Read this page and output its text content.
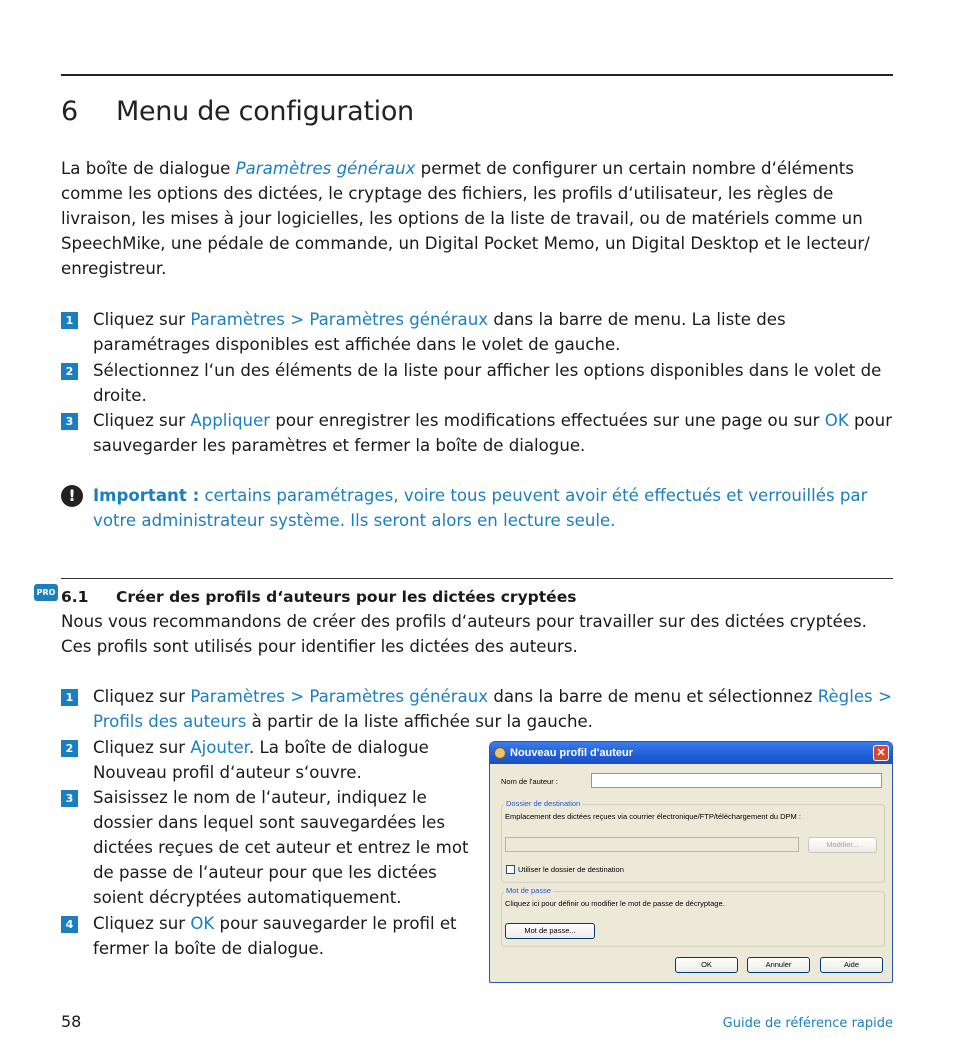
6 Menu de configuration

La boîte de dialogue Paramètres généraux permet de configurer un certain nombre d‘éléments comme les options des dictées, le cryptage des fichiers, les profils d‘utilisateur, les règles de livraison, les mises à jour logicielles, les options de la liste de travail, ou de matériels comme un SpeechMike, une pédale de commande, un Digital Pocket Memo, un Digital Desktop et le lecteur/ enregistreur.

1 Cliquez sur Paramètres > Paramètres généraux dans la barre de menu. La liste des paramétrages disponibles est affichée dans le volet de gauche.
2 Sélectionnez l‘un des éléments de la liste pour afficher les options disponibles dans le volet de droite.
3 Cliquez sur Appliquer pour enregistrer les modifications effectuées sur une page ou sur OK pour sauvegarder les paramètres et fermer la boîte de dialogue.
!	Important : certains paramétrages, voire tous peuvent avoir été effectués et verrouillés par votre administrateur système. Ils seront alors en lecture seule.
PRO 6.1 Créer des profils d‘auteurs pour les dictées cryptées

Nous vous recommandons de créer des profils d‘auteurs pour travailler sur des dictées cryptées. Ces profils sont utilisés pour identifier les dictées des auteurs.

1 Cliquez sur Paramètres > Paramètres généraux dans la barre de menu et sélectionnez Règles > Profils des auteurs à partir de la liste affichée sur la gauche.
2 Cliquez sur Ajouter. La boîte de dialogue Nouveau profil d‘auteur s‘ouvre.
3 Saisissez le nom de l‘auteur, indiquez le dossier dans lequel sont sauvegardées les dictées reçues de cet auteur et entrez le mot de passe de l‘auteur pour que les dictées soient décryptées automatiquement.
4 Cliquez sur OK pour sauvegarder le profil et fermer la boîte de dialogue.
Nouveau profil d'auteur	✕
Nom de l'auteur :
Dossier de destination
Emplacement des dictées reçues via courrier électronique/FTP/téléchargement du DPM :
Modifier...
Utiliser le dossier de destination
Mot de passe
Cliquez ici pour définir ou modifier le mot de passe de décryptage.
Mot de passe...
OK	Annuler	Aide
58	Guide de référence rapide
